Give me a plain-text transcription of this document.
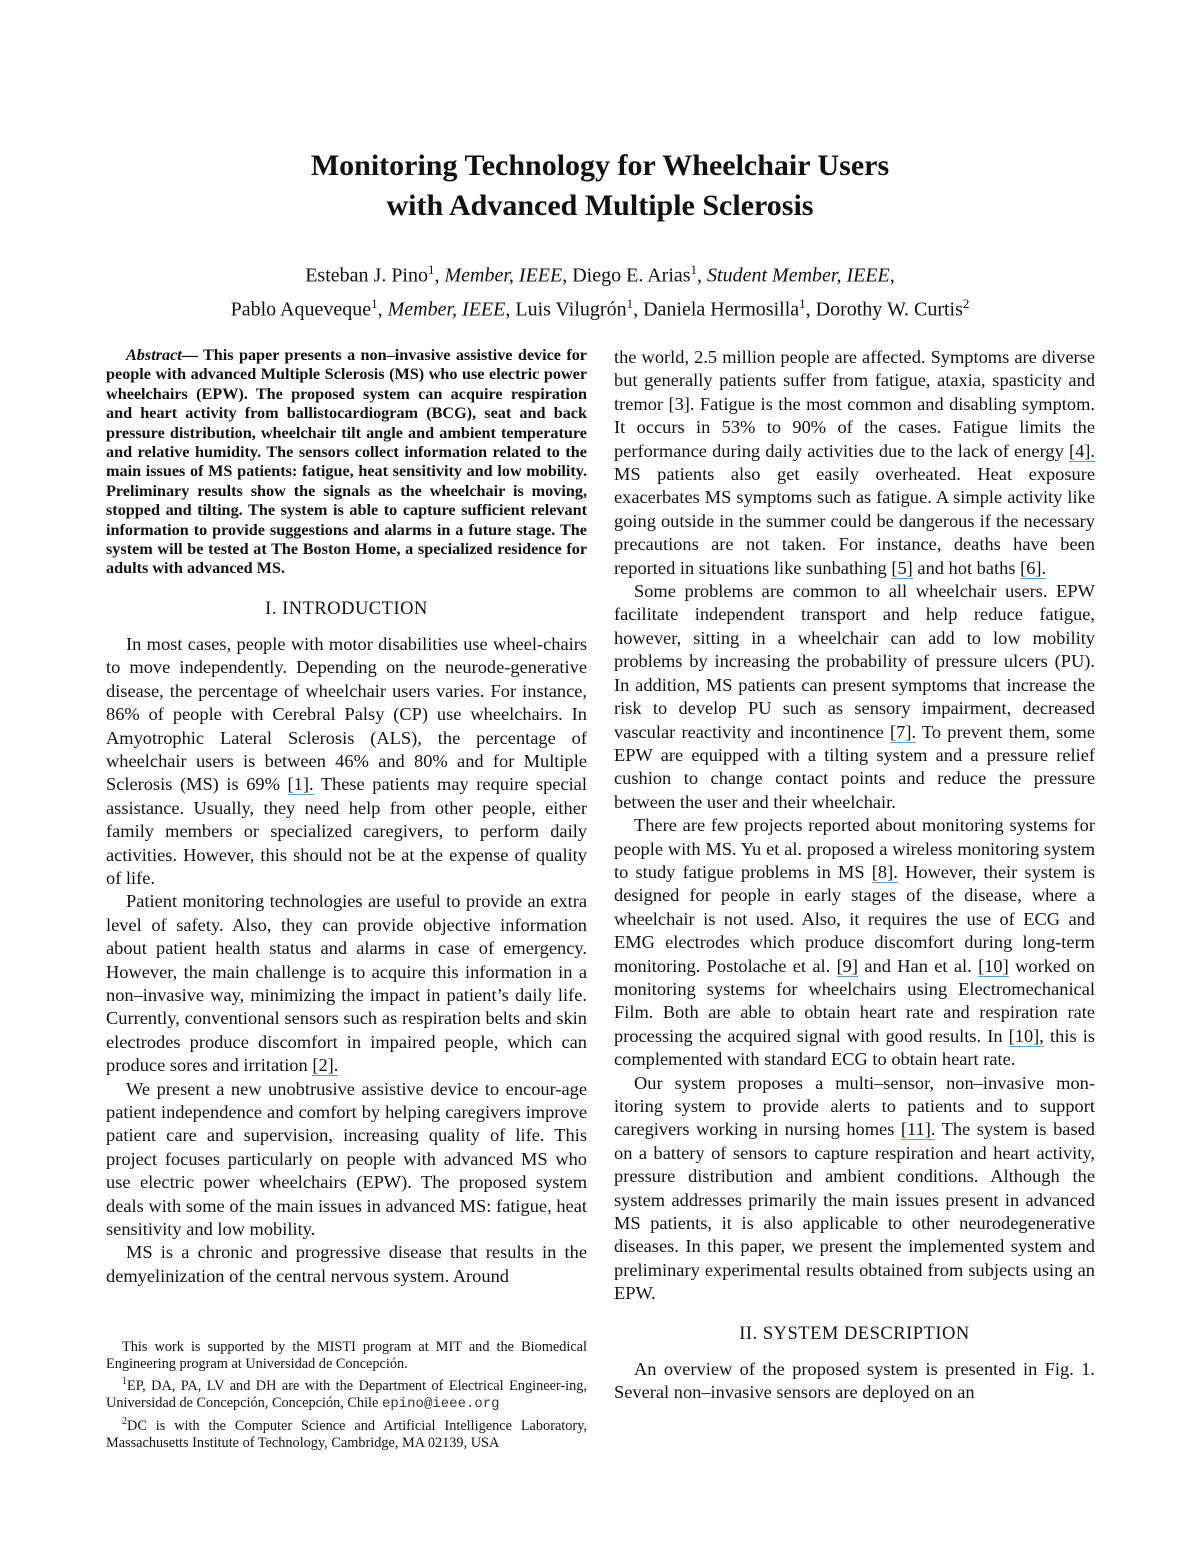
Monitoring Technology for Wheelchair Users
with Advanced Multiple Sclerosis
Esteban J. Pino$^1$, Member, IEEE, Diego E. Arias$^1$, Student Member, IEEE,
Pablo Aqueveque$^1$, Member, IEEE, Luis Vilugrón$^1$, Daniela Hermosilla$^1$, Dorothy W. Curtis$^2$

Abstract— This paper presents a non–invasive assistive device for people with advanced Multiple Sclerosis (MS) who use electric power wheelchairs (EPW). The proposed system can acquire respiration and heart activity from ballistocardiogram (BCG), seat and back pressure distribution, wheelchair tilt angle and ambient temperature and relative humidity. The sensors collect information related to the main issues of MS patients: fatigue, heat sensitivity and low mobility. Preliminary results show the signals as the wheelchair is moving, stopped and tilting. The system is able to capture sufficient relevant information to provide suggestions and alarms in a future stage. The system will be tested at The Boston Home, a specialized residence for adults with advanced MS.

I. INTRODUCTION

In most cases, people with motor disabilities use wheel-chairs to move independently. Depending on the neurode-generative disease, the percentage of wheelchair users varies. For instance, 86% of people with Cerebral Palsy (CP) use wheelchairs. In Amyotrophic Lateral Sclerosis (ALS), the percentage of wheelchair users is between 46% and 80% and for Multiple Sclerosis (MS) is 69% [1]. These patients may require special assistance. Usually, they need help from other people, either family members or specialized caregivers, to perform daily activities. However, this should not be at the expense of quality of life.

Patient monitoring technologies are useful to provide an extra level of safety. Also, they can provide objective information about patient health status and alarms in case of emergency. However, the main challenge is to acquire this information in a non–invasive way, minimizing the impact in patient’s daily life. Currently, conventional sensors such as respiration belts and skin electrodes produce discomfort in impaired people, which can produce sores and irritation [2].

We present a new unobtrusive assistive device to encour-age patient independence and comfort by helping caregivers improve patient care and supervision, increasing quality of life. This project focuses particularly on people with advanced MS who use electric power wheelchairs (EPW). The proposed system deals with some of the main issues in advanced MS: fatigue, heat sensitivity and low mobility.

MS is a chronic and progressive disease that results in the demyelinization of the central nervous system. Around

the world, 2.5 million people are affected. Symptoms are diverse but generally patients suffer from fatigue, ataxia, spasticity and tremor [3]. Fatigue is the most common and disabling symptom. It occurs in 53% to 90% of the cases. Fatigue limits the performance during daily activities due to the lack of energy [4]. MS patients also get easily overheated. Heat exposure exacerbates MS symptoms such as fatigue. A simple activity like going outside in the summer could be dangerous if the necessary precautions are not taken. For instance, deaths have been reported in situations like sunbathing [5] and hot baths [6].

Some problems are common to all wheelchair users. EPW facilitate independent transport and help reduce fatigue, however, sitting in a wheelchair can add to low mobility problems by increasing the probability of pressure ulcers (PU). In addition, MS patients can present symptoms that increase the risk to develop PU such as sensory impairment, decreased vascular reactivity and incontinence [7]. To prevent them, some EPW are equipped with a tilting system and a pressure relief cushion to change contact points and reduce the pressure between the user and their wheelchair.

There are few projects reported about monitoring systems for people with MS. Yu et al. proposed a wireless monitoring system to study fatigue problems in MS [8]. However, their system is designed for people in early stages of the disease, where a wheelchair is not used. Also, it requires the use of ECG and EMG electrodes which produce discomfort during long-term monitoring. Postolache et al. [9] and Han et al. [10] worked on monitoring systems for wheelchairs using Electromechanical Film. Both are able to obtain heart rate and respiration rate processing the acquired signal with good results. In [10], this is complemented with standard ECG to obtain heart rate.

Our system proposes a multi–sensor, non–invasive mon-itoring system to provide alerts to patients and to support caregivers working in nursing homes [11]. The system is based on a battery of sensors to capture respiration and heart activity, pressure distribution and ambient conditions. Although the system addresses primarily the main issues present in advanced MS patients, it is also applicable to other neurodegenerative diseases. In this paper, we present the implemented system and preliminary experimental results obtained from subjects using an EPW.

II. SYSTEM DESCRIPTION

An overview of the proposed system is presented in Fig. 1. Several non–invasive sensors are deployed on an

This work is supported by the MISTI program at MIT and the Biomedical Engineering program at Universidad de Concepción.

$^1$EP, DA, PA, LV and DH are with the Department of Electrical Engineer-ing, Universidad de Concepción, Concepción, Chile epino@ieee.org

$^2$DC is with the Computer Science and Artificial Intelligence Laboratory, Massachusetts Institute of Technology, Cambridge, MA 02139, USA
